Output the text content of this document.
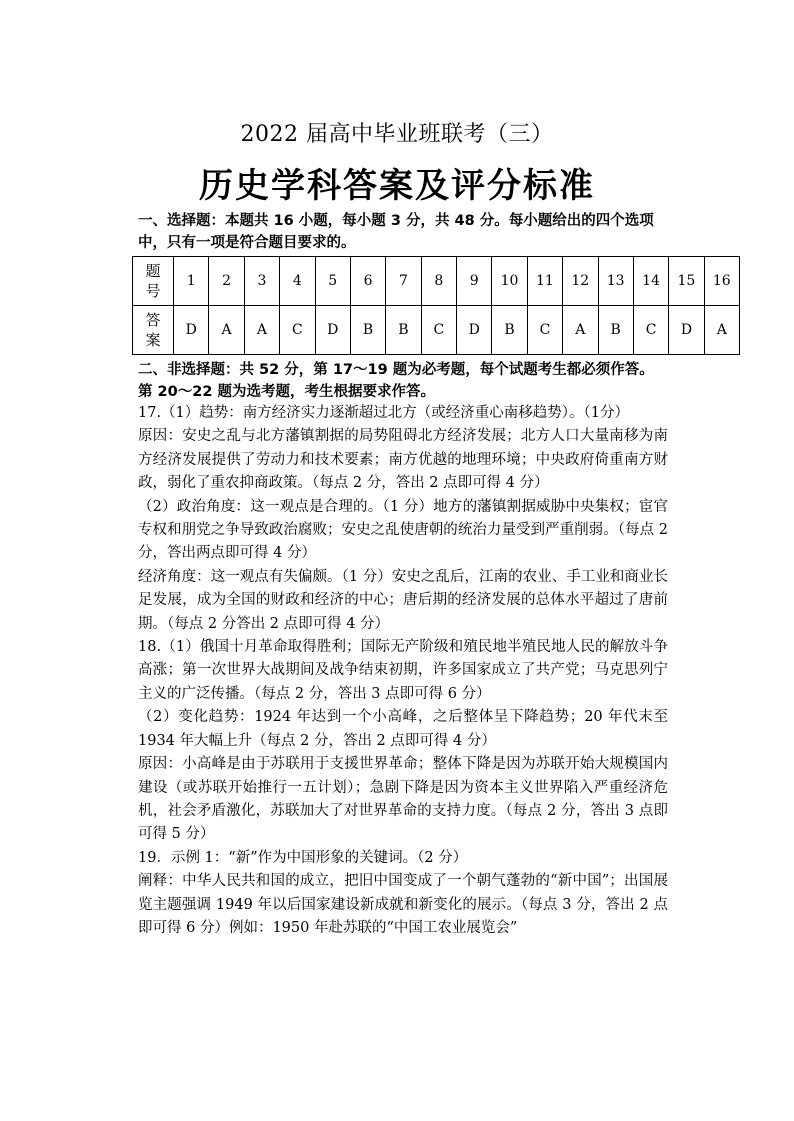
2022 届高中毕业班联考（三）
历史学科答案及评分标准
一、选择题：本题共 16 小题，每小题 3 分，共 48 分。每小题给出的四个选项中，只有一项是符合题目要求的。
题
号	1	2	3	4	5	6	7	8	9	10	11	12	13	14	15	16
答
案	D	A	A	C	D	B	B	C	D	B	C	A	B	C	D	A
二、非选择题：共 52 分，第 17～19 题为必考题，每个试题考生都必须作答。第 20～22 题为选考题，考生根据要求作答。

17.（1）趋势：南方经济实力逐渐超过北方（或经济重心南移趋势）。（1分）

原因：安史之乱与北方藩镇割据的局势阻碍北方经济发展；北方人口大量南移为南方经济发展提供了劳动力和技术要素；南方优越的地理环境；中央政府倚重南方财政，弱化了重农抑商政策。（每点 2 分，答出 2 点即可得 4 分）

（2）政治角度：这一观点是合理的。（1 分）地方的藩镇割据威胁中央集权；宦官专权和朋党之争导致政治腐败；安史之乱使唐朝的统治力量受到严重削弱。（每点 2 分，答出两点即可得 4 分）

经济角度：这一观点有失偏颇。（1 分）安史之乱后，江南的农业、手工业和商业长足发展，成为全国的财政和经济的中心；唐后期的经济发展的总体水平超过了唐前期。（每点 2 分答出 2 点即可得 4 分）

18.（1）俄国十月革命取得胜利；国际无产阶级和殖民地半殖民地人民的解放斗争高涨；第一次世界大战期间及战争结束初期，许多国家成立了共产党；马克思列宁主义的广泛传播。（每点 2 分，答出 3 点即可得 6 分）

（2）变化趋势：1924 年达到一个小高峰，之后整体呈下降趋势；20 年代末至 1934 年大幅上升（每点 2 分，答出 2 点即可得 4 分）

原因：小高峰是由于苏联用于支援世界革命；整体下降是因为苏联开始大规模国内建设（或苏联开始推行一五计划）；急剧下降是因为资本主义世界陷入严重经济危机，社会矛盾激化，苏联加大了对世界革命的支持力度。（每点 2 分，答出 3 点即可得 5 分）

19．示例 1：“新”作为中国形象的关键词。（2 分）

阐释：中华人民共和国的成立，把旧中国变成了一个朝气蓬勃的“新中国”；出国展览主题强调 1949 年以后国家建设新成就和新变化的展示。（每点 3 分，答出 2 点即可得 6 分）例如：1950 年赴苏联的“中国工农业展览会”
